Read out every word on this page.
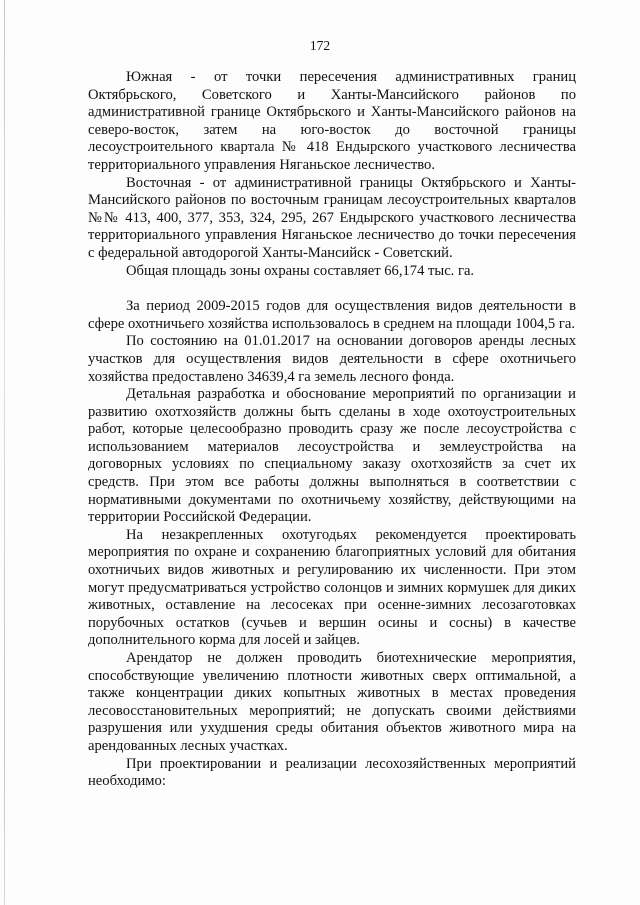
172

Южная - от точки пересечения административных границ Октябрьского, Советского и Ханты-Мансийского районов по административной границе Октябрьского и Ханты-Мансийского районов на северо-восток, затем на юго-восток до восточной границы лесоустроительного квартала № 418 Ендырского участкового лесничества территориального управления Няганьское лесничество.

Восточная - от административной границы Октябрьского и Ханты-Мансийского районов по восточным границам лесоустроительных кварталов №№ 413, 400, 377, 353, 324, 295, 267 Ендырского участкового лесничества территориального управления Няганьское лесничество до точки пересечения с федеральной автодорогой Ханты-Мансийск - Советский.

Общая площадь зоны охраны составляет 66,174 тыс. га.

За период 2009-2015 годов для осуществления видов деятельности в сфере охотничьего хозяйства использовалось в среднем на площади 1004,5 га.

По состоянию на 01.01.2017 на основании договоров аренды лесных участков для осуществления видов деятельности в сфере охотничьего хозяйства предоставлено 34639,4 га земель лесного фонда.

Детальная разработка и обоснование мероприятий по организации и развитию охотхозяйств должны быть сделаны в ходе охотоустроительных работ, которые целесообразно проводить сразу же после лесоустройства с использованием материалов лесоустройства и землеустройства на договорных условиях по специальному заказу охотхозяйств за счет их средств. При этом все работы должны выполняться в соответствии с нормативными документами по охотничьему хозяйству, действующими на территории Российской Федерации.

На незакрепленных охотугодьях рекомендуется проектировать мероприятия по охране и сохранению благоприятных условий для обитания охотничьих видов животных и регулированию их численности. При этом могут предусматриваться устройство солонцов и зимних кормушек для диких животных, оставление на лесосеках при осенне-зимних лесозаготовках порубочных остатков (сучьев и вершин осины и сосны) в качестве дополнительного корма для лосей и зайцев.

Арендатор не должен проводить биотехнические мероприятия, способствующие увеличению плотности животных сверх оптимальной, а также концентрации диких копытных животных в местах проведения лесовосстановительных мероприятий; не допускать своими действиями разрушения или ухудшения среды обитания объектов животного мира на арендованных лесных участках.

При проектировании и реализации лесохозяйственных мероприятий необходимо:
